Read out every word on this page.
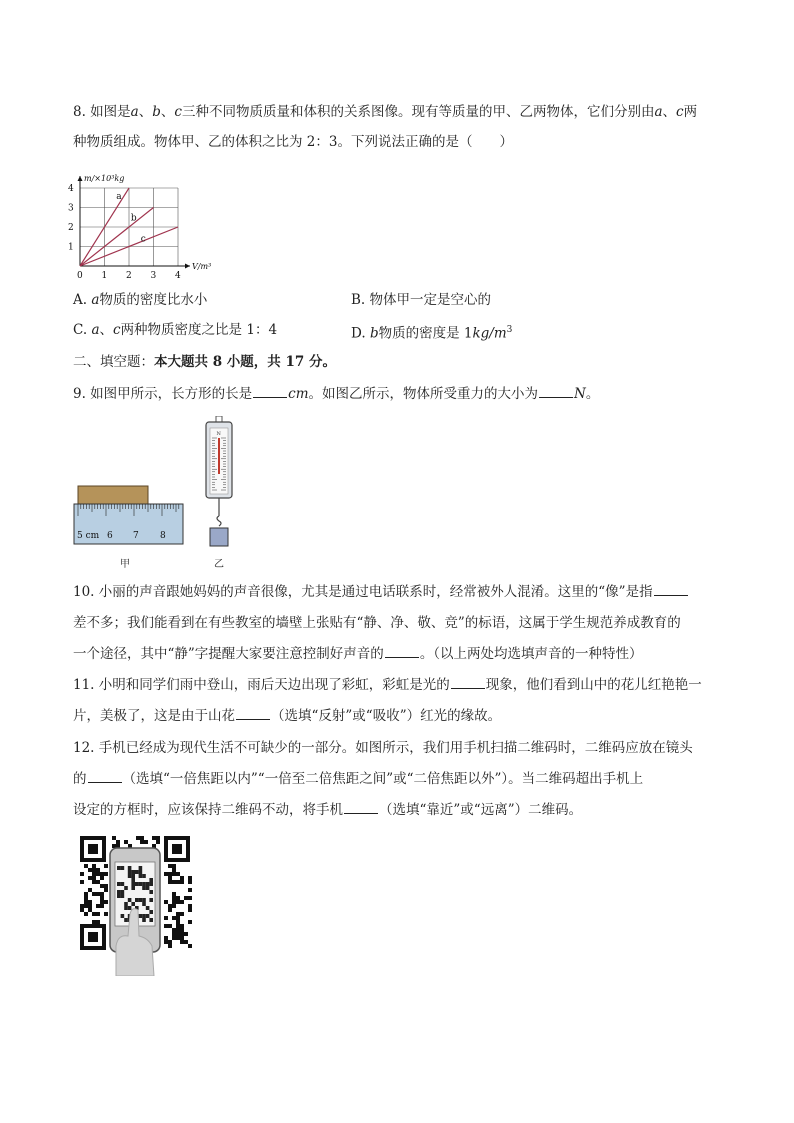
8. 如图是a、b、c三种不同物质质量和体积的关系图像。现有等质量的甲、乙两物体，它们分别由a、c两
种物质组成。物体甲、乙的体积之比为 2：3。下列说法正确的是（　　）
a
b
c
0 1 2 3 4
1
2
3
4
m/×10³kg
V/m³
A. a物质的密度比水小	B. 物体甲一定是空心的
C. a、c两种物质密度之比是 1：4	D. b物质的密度是 $1kg/m^3$
二、填空题：本大题共 8 小题，共 17 分。
9. 如图甲所示，长方形的长是	cm。如图乙所示，物体所受重力的大小为	N。
5 cm 6 7 8
甲
N
乙
10. 小丽的声音跟她妈妈的声音很像，尤其是通过电话联系时，经常被外人混淆。这里的“像”是指
差不多；我们能看到在有些教室的墙壁上张贴有“静、净、敬、竞”的标语，这属于学生规范养成教育的
一个途径，其中“静”字提醒大家要注意控制好声音的	。（以上两处均选填声音的一种特性）
11. 小明和同学们雨中登山，雨后天边出现了彩虹，彩虹是光的	现象，他们看到山中的花儿红艳艳一
片，美极了，这是由于山花	（选填“反射”或“吸收”）红光的缘故。
12. 手机已经成为现代生活不可缺少的一部分。如图所示，我们用手机扫描二维码时，二维码应放在镜头
的	（选填“一倍焦距以内”“一倍至二倍焦距之间”或“二倍焦距以外”）。当二维码超出手机上
设定的方框时，应该保持二维码不动，将手机	（选填“靠近”或“远离”）二维码。
